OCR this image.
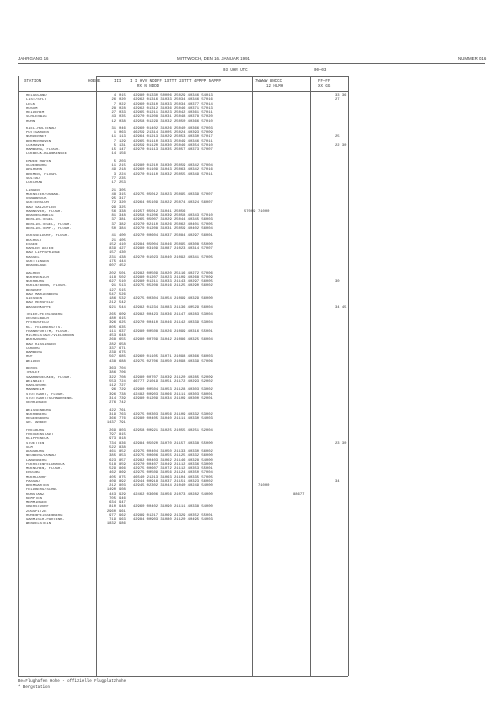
JAHRGANG 16	MITTWOCH, DEN 16. JANUAR 1991	NUMMER 016
03 UHR UTC	00—03
STATION	HOEHE	III I I HVV NDDFF 1STTT 2STTT 4PPPP 5APPP
RX N NDDD
7WWWW 8NCCC
12 HLMH
FF—FF
XX GG
HELGOLAND	4 015	42980 01330 50006 25029 40346 54013	33 36
LIST/SYLT	26 020	42962 01316 31033 25034 40346 57016	27
LECK	7 022	42960 01310 31033 25034 40377 57014
HUSUM	28 028	42962 01312 31036 25046 40371 57013
HEIDEHEM	27 033	42965 01211 31023 25042 40361 57011
SCHLESWIG	43 035	42970 01208 31031 25048 40378 57020
HOHN	12 038	42958 01229 31032 25050 40366 57010
KIEL-HOLTENAU	31 046	42960 01402 31026 25040 40366 57003
PUTTGARDEN	1 063	46259 21314 31005 25024 40393 57009
NORDERNEY	11 113	42964 01213 31029 25053 40330 57017	25
BREMERHAVEN	7 129	42965 01110 31033 25049 40346 57011
CUXHAVEN	5 131	42959 01120 31030 25046 40354 57010	22 30
HAMBURG, FLUGH.	15 147	42970 01113 31035 25057 40373 57007
LUEBECK-BLANKENSEE	14 156
EMDEN HAFEN	5 203
OLDENBURG	11 215	42980 01210 31030 25059 40342 57004
AHLHORN	49 218	42960 01109 31043 25063 40342 57016
BREMEN, FLUGH.	3 224	42970 01110 31032 25055 40349 57011
SOLTAU	77 235
LUECHOW	17 253
LINGEN	21 305
MUENSTER/OSNAB.	48 315	42975 05012 31023 25095 40339 57007
OSNABRUCK	95 317
GUETERSLOH	72 320	42964 05109 31022 25074 40324 56007
BAD SALZUFLEN	99 325
HANNOVER, FLUGH.	56 338	41957 05012 31041 25056	57009 71000
BRAUNSCHWEIG	81 348	42958 01206 31039 25058 40343 57010
BERLIN-TEGEL	37 381	42965 05007 31029 25044 40345 56003
BERLIN-TEGEL, FLUGH.	37 382	42970 02110 31026 25062 40401 57005
BERLIN-TEMP., FLUGH.	50 384	42970 01208 31031 25059 40402 56004
DUESSELDORF, FLUGH.	41 400	42970 00604 31037 25084 40297 56001
BOCHOLT	21 405
ESSEN	152 410	42984 05004 31046 25095 40308 55000
KAHLER ASTEN	839 427	42980 03109 31087 21023 40314 57007
BAD LIPPSPRINGE	157 430
KASSEL	231 438	42970 01023 31040 21092 40341 57005
GOETTINGEN	175 444
BRAUNLAGE	607 452
AACHEN	202 501	42982 00509 31020 25116 40272 57006
NOERVENICH	118 502	42980 01207 31023 21109 40268 57009
NUERBURG	627 510	42980 01211 31033 21143 40297 56005	30
KOELN/BONN, FLUGH.	91 513	42975 05208 31016 21125 40290 56002
BENDORF	127 515
BAD MARIENBERG	547 526
GIESSEN	186 532	42975 00304 31054 21099 40329 56000
BAD HERSFELD	212 542
WASSERKUPPE	921 544	42982 01234 31083 21136 40529 56004	34 45
TRIER-PETRISBERG	265 609	42982 00423 31036 21147 40283 53004
DEUSELBACH	480 615
PFERDSFELD	396 625	42970 00410 31046 21142 40339 53004
KL. FELDBERG/TS.	805 635
FRANKFURT/M, FLUGH.	111 637	42980 00508 31026 21099 40316 55001
MICHELSTADT/VIELBRUNN	453 648
WUERZBURG	268 655	42980 00709 31042 21086 40325 56004
BAD KISSINGEN	282 658
COBURG	337 671
BAMBERG	239 675
HOF	567 685	42960 01105 31071 21098 40366 56003
WEIDEN	438 688	42975 02706 31050 21098 40339 57006
BERUS	363 704
THOLEY	386 706
SAARBRUECKEN, FLUGH.	322 708	42980 00707 31039 21120 40285 52009
WEINBIET	553 724	46777 21019 31051 21172 40293 52002
KARLSRUHE	112 727
MANNHEIM	96 729	42980 00504 31053 21128 40303 53002
STUTTGART, FLUGH.	396 738	42482 00903 31066 21111 40303 58001
STUTTGART/SCHNARRENB.	314 739	42980 01209 31034 21109 40300 52001
OEHRINGEN	276 742
WEISSENBURG	422 761
NUERNBERG	319 763	42975 00303 31056 21109 40332 53002
REGENSBURG	366 776	42980 00405 31040 21111 40330 54003
GR. ARBER	1437 791
FREIBURG	269 803	42958 00921 31025 21055 40251 52004
FREUDENSTADT	797 815
KLIPPENECK	973 818
STOETTEN	734 836	42984 05020 31070 21157 40338 55000	23 30
ULM	522 838
AUGSBURG	461 852	42975 00404 31050 21133 40330 56002
NEUBERG/DONAU	385 853	42975 00606 31055 21125 40332 56000
LANDSBERG	623 857	42982 00403 31062 21146 40328 54000
FUERSTENFELDBRUCK	518 859	42970 00407 31049 21112 40336 53000
MUENCHEN, FLUGH.	529 866	42975 00607 31072 21112 40353 55001
ERDING	462 869	42975 00509 31056 21124 40350 57004
MUEHLDORF	405 875	46540 21213 31063 21104 40335 57005
PASSAU	409 892	42944 00918 31037 21151 40323 56002	34
BREMGARTEN	212 803	42945 02302 31044 21040 40249 54000	71000
FELDBERG/SCHW.	1490 908
KONSTANZ	443 929	42462 03606 31056 21073 40282 54000	88677
KEMPTEN	705 946
MEMMINGEN	634 947
OBERSTDORF	810 948	42960 00402 31090 21111 40338 54000
ZUGSPITZE	2960 961
HOHENPEISSENBERG	977 962	42989 01217 31069 21329 40352 55001
GARMISCH-PARTENK.	719 963	42984 00903 31080 21120 40495 54003
WENDELSTEIN	1832 986
Be=Flughafen Hohe - offizielle Flugplatzhohe
* Bergstation
